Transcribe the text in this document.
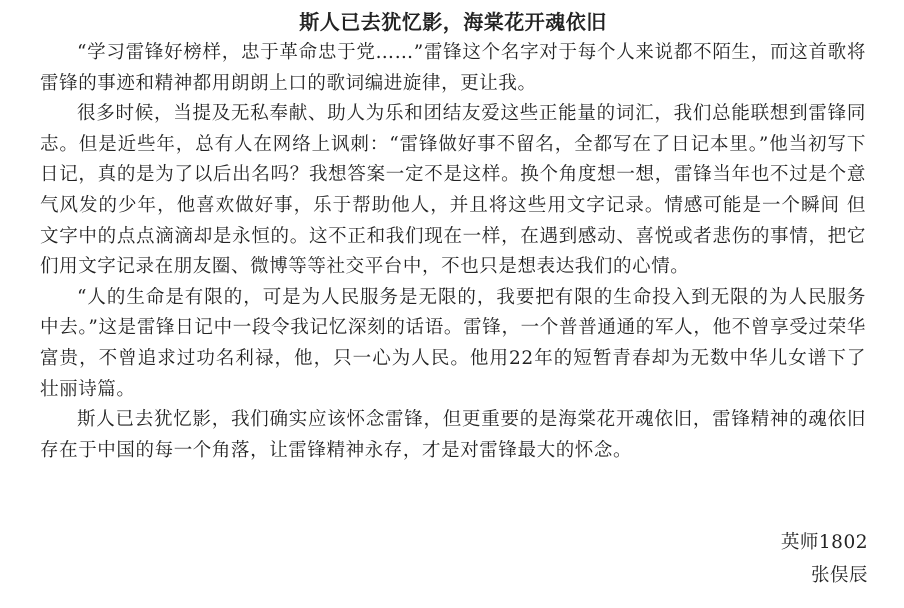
斯人已去犹忆影，海棠花开魂依旧

“学习雷锋好榜样，忠于革命忠于党……”雷锋这个名字对于每个人来说都不陌生，而这首歌将雷锋的事迹和精神都用朗朗上口的歌词编进旋律，更让我。

很多时候，当提及无私奉献、助人为乐和团结友爱这些正能量的词汇，我们总能联想到雷锋同志。但是近些年，总有人在网络上讽刺：“雷锋做好事不留名，全都写在了日记本里。”他当初写下日记，真的是为了以后出名吗？我想答案一定不是这样。换个角度想一想，雷锋当年也不过是个意气风发的少年，他喜欢做好事，乐于帮助他人，并且将这些用文字记录。情感可能是一个瞬间 但文字中的点点滴滴却是永恒的。这不正和我们现在一样，在遇到感动、喜悦或者悲伤的事情，把它们用文字记录在朋友圈、微博等等社交平台中，不也只是想表达我们的心情。

“人的生命是有限的，可是为人民服务是无限的，我要把有限的生命投入到无限的为人民服务中去。”这是雷锋日记中一段令我记忆深刻的话语。雷锋，一个普普通通的军人，他不曾享受过荣华富贵，不曾追求过功名利禄，他，只一心为人民。他用22年的短暂青春却为无数中华儿女谱下了壮丽诗篇。

斯人已去犹忆影，我们确实应该怀念雷锋，但更重要的是海棠花开魂依旧，雷锋精神的魂依旧存在于中国的每一个角落，让雷锋精神永存，才是对雷锋最大的怀念。

英师1802
张俣辰
